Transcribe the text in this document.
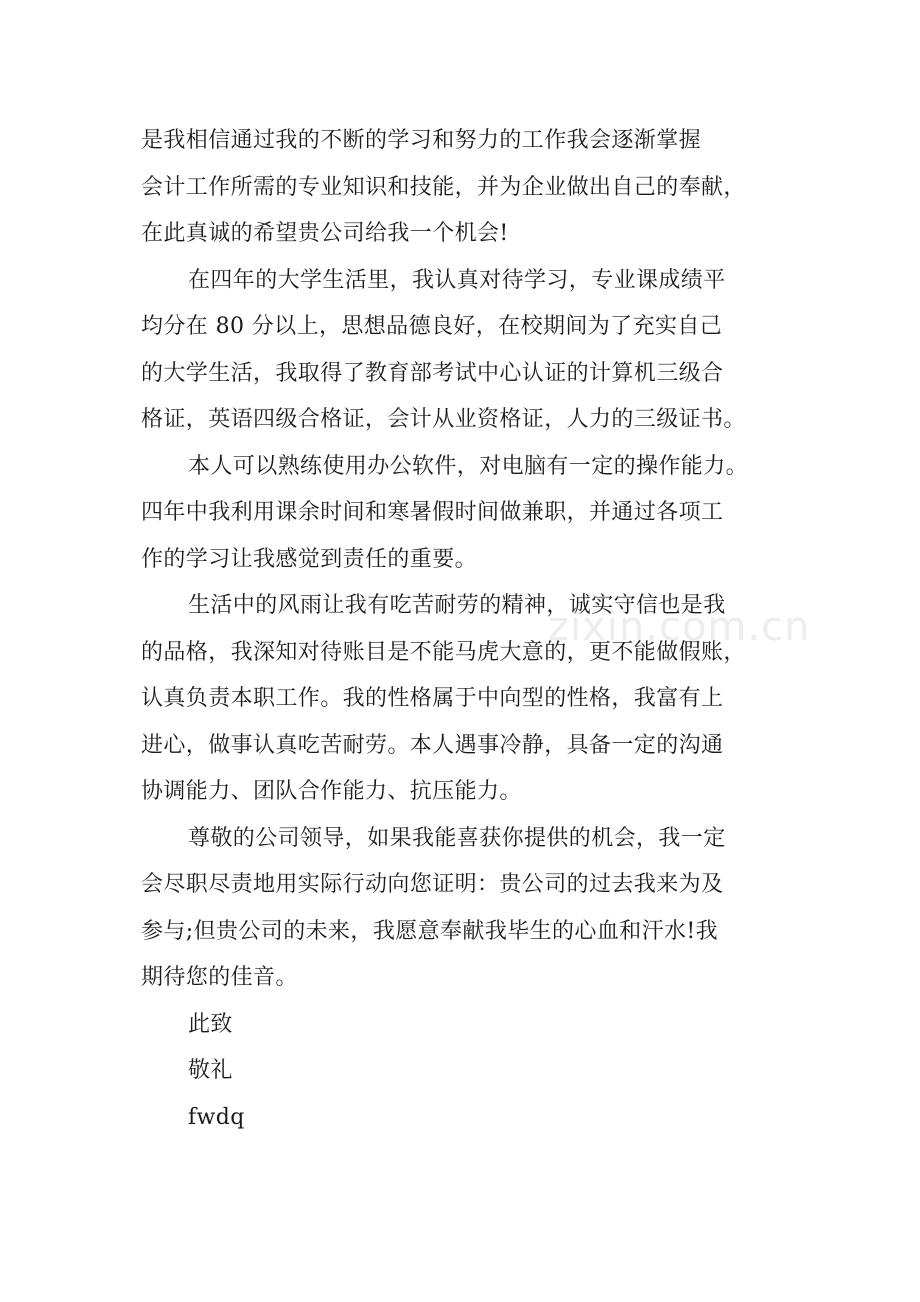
是我相信通过我的不断的学习和努力的工作我会逐渐掌握
会计工作所需的专业知识和技能，并为企业做出自己的奉献，
在此真诚的希望贵公司给我一个机会!
在四年的大学生活里，我认真对待学习，专业课成绩平
均分在 80 分以上，思想品德良好，在校期间为了充实自己
的大学生活，我取得了教育部考试中心认证的计算机三级合
格证，英语四级合格证，会计从业资格证，人力的三级证书。
本人可以熟练使用办公软件，对电脑有一定的操作能力。
四年中我利用课余时间和寒暑假时间做兼职，并通过各项工
作的学习让我感觉到责任的重要。
生活中的风雨让我有吃苦耐劳的精神，诚实守信也是我
的品格，我深知对待账目是不能马虎大意的，更不能做假账，
认真负责本职工作。我的性格属于中向型的性格，我富有上
进心，做事认真吃苦耐劳。本人遇事冷静，具备一定的沟通
协调能力、团队合作能力、抗压能力。
尊敬的公司领导，如果我能喜获你提供的机会，我一定
会尽职尽责地用实际行动向您证明：贵公司的过去我来为及
参与;但贵公司的未来，我愿意奉献我毕生的心血和汗水!我
期待您的佳音。
此致
敬礼
fwdq
zixin.com.cn
